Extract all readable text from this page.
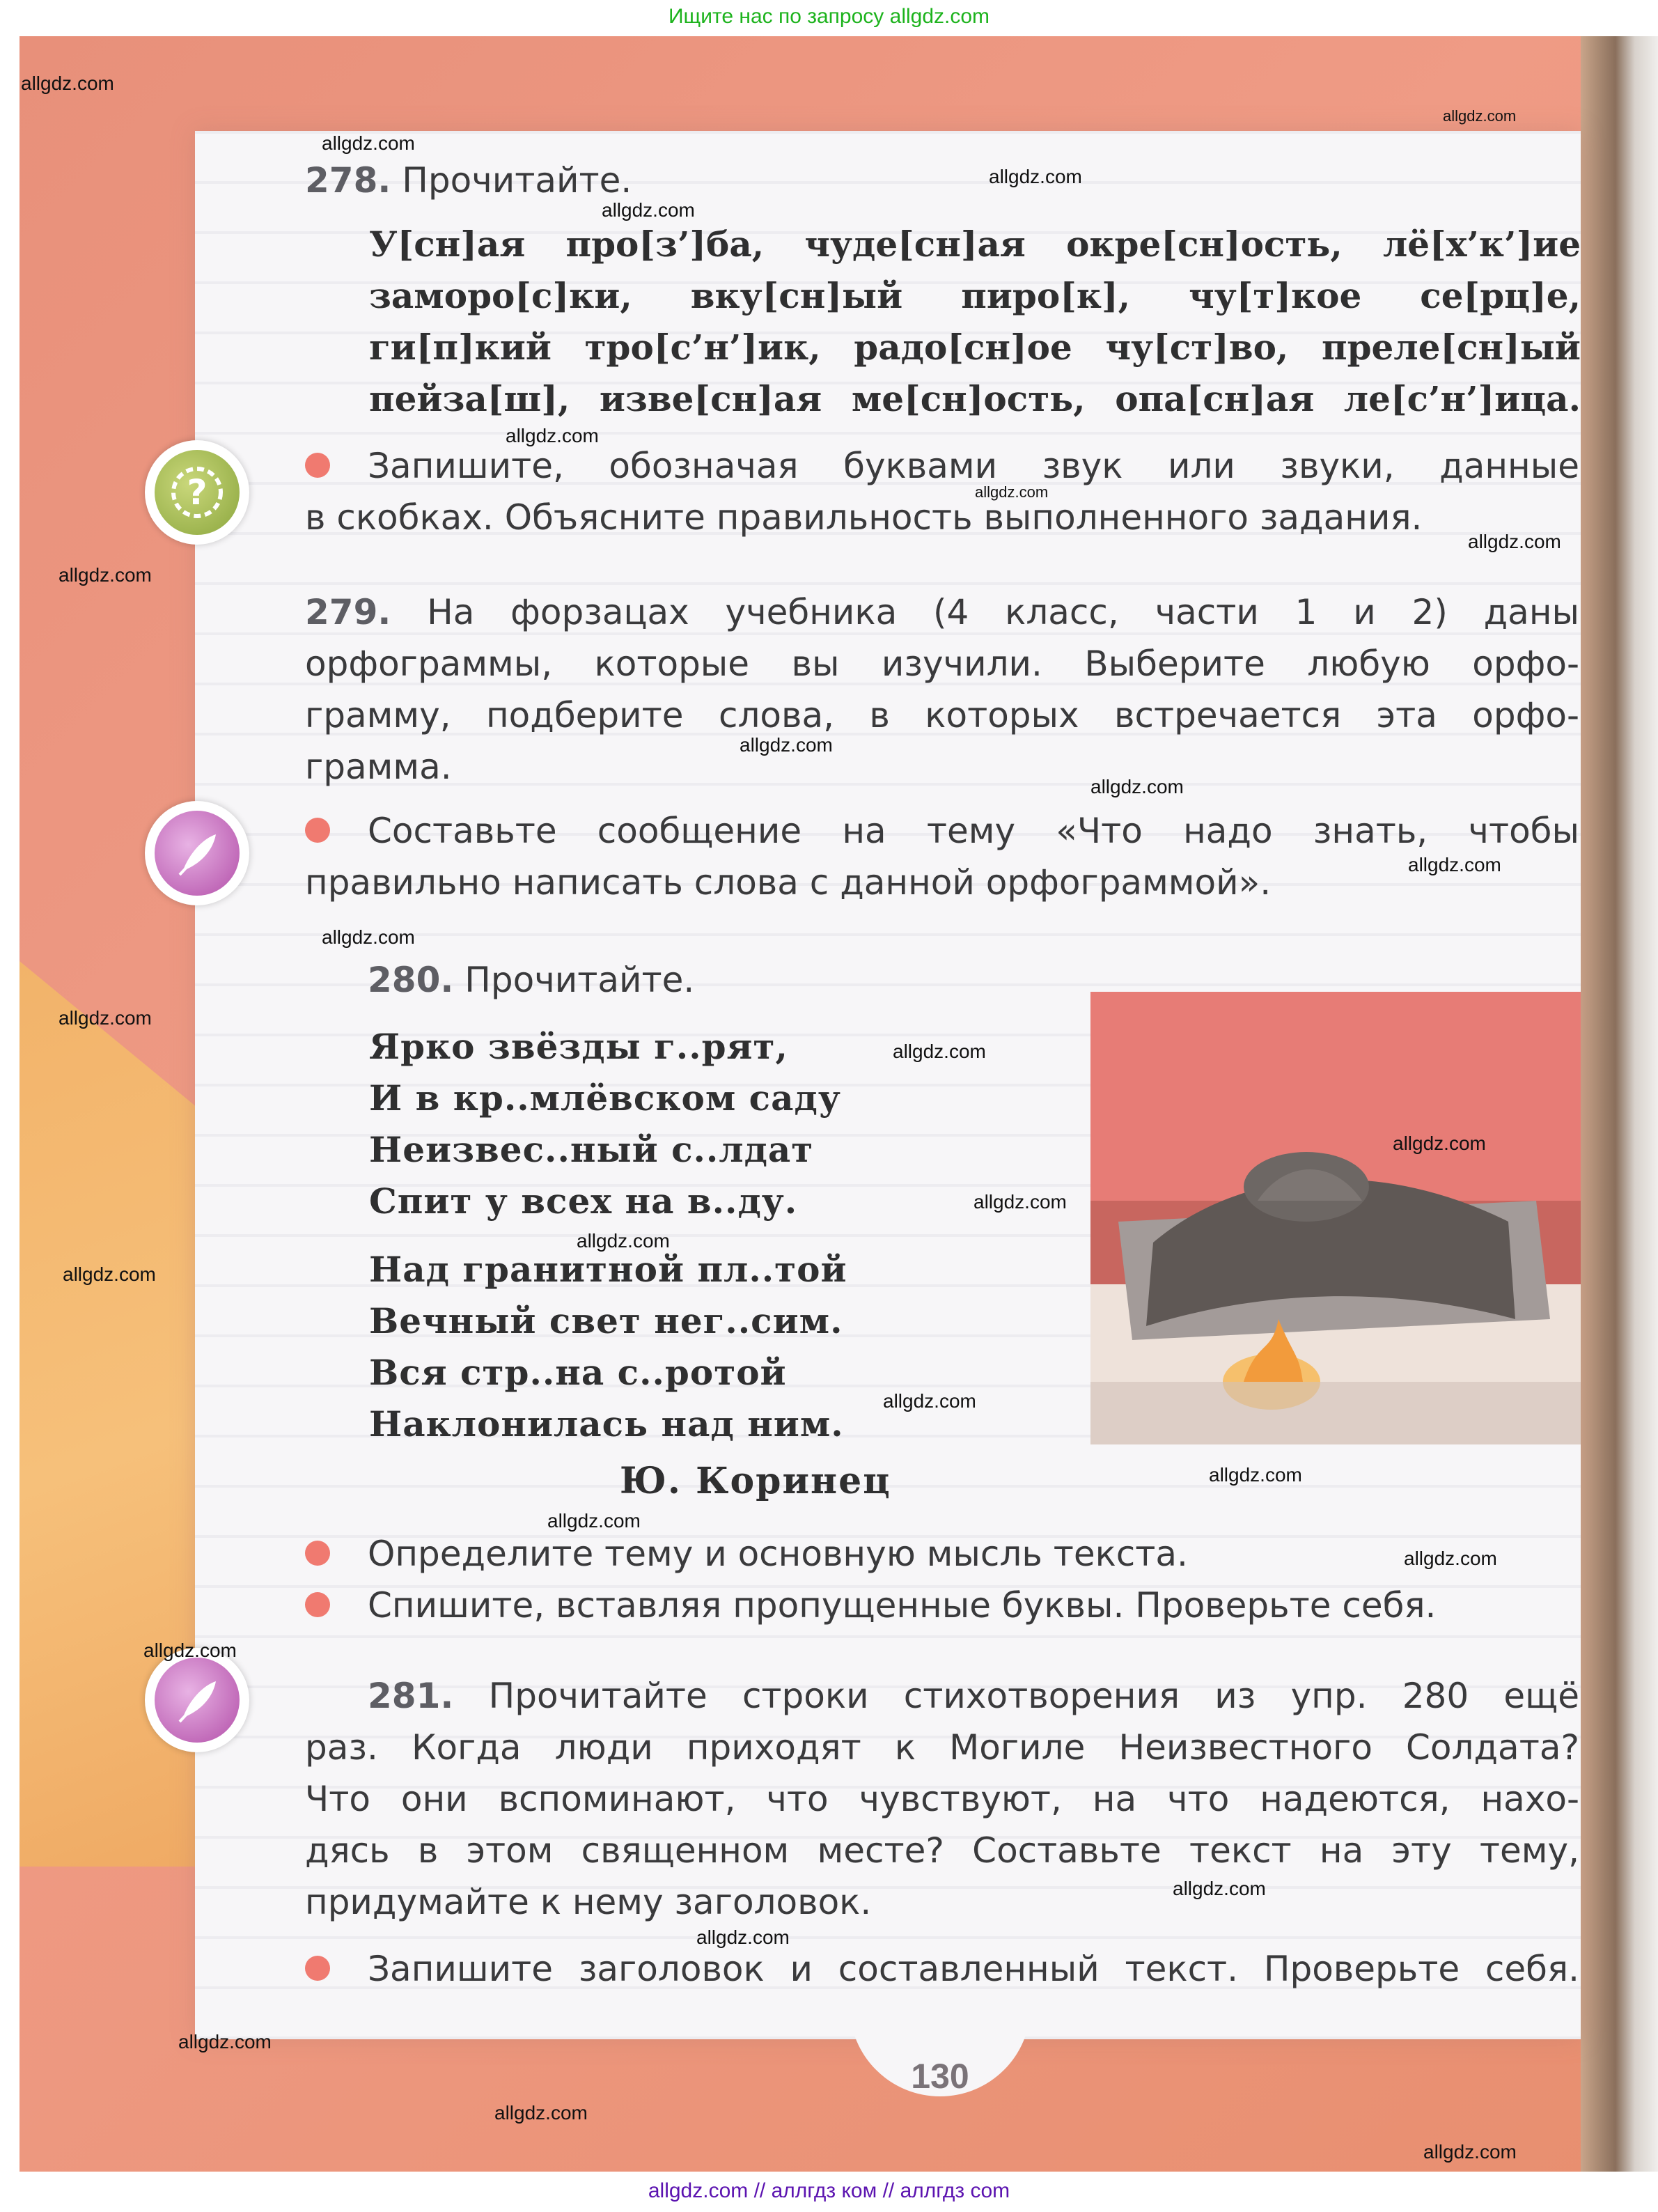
Ищите нас по запросу allgdz.com
278. Прочитайте.
У[сн]ая про[з’]ба, чуде[сн]ая окре[сн]ость, лё[х’к’]ие
заморо[с]ки, вку[сн]ый пиро[к], чу[т]кое се[рц]е,
ги[п]кий тро[с’н’]ик, радо[сн]ое чу[ст]во, преле[сн]ый
пейза[ш], изве[сн]ая ме[сн]ость, опа[сн]ая ле[с’н’]ица.
?
Запишите, обозначая буквами звук или звуки, данные
в скобках. Объясните правильность выполненного задания.
279. На форзацах учебника (4 класс, части 1 и 2) даны
орфограммы, которые вы изучили. Выберите любую орфо-
грамму, подберите слова, в которых встречается эта орфо-
грамма.
Составьте сообщение на тему «Что надо знать, чтобы
правильно написать слова с данной орфограммой».
280. Прочитайте.
Ярко звёзды г..рят,
И в кр..млёвском саду
Неизвес..ный с..лдат
Спит у всех на в..ду.
Над гранитной пл..той
Вечный свет нег..сим.
Вся стр..на с..ротой
Наклонилась над ним.
Ю. Коринец
Определите тему и основную мысль текста.
Спишите, вставляя пропущенные буквы. Проверьте себя.
281. Прочитайте строки стихотворения из упр. 280 ещё
раз. Когда люди приходят к Могиле Неизвестного Солдата?
Что они вспоминают, что чувствуют, на что надеются, нахо-
дясь в этом священном месте? Составьте текст на эту тему,
придумайте к нему заголовок.
Запишите заголовок и составленный текст. Проверьте себя.
130
allgdz.com
allgdz.com
allgdz.com
allgdz.com
allgdz.com
allgdz.com
allgdz.com
allgdz.com
allgdz.com
allgdz.com
allgdz.com
allgdz.com
allgdz.com
allgdz.com
allgdz.com
allgdz.com
allgdz.com
allgdz.com
allgdz.com
allgdz.com
allgdz.com
allgdz.com
allgdz.com
allgdz.com
allgdz.com
allgdz.com
allgdz.com
allgdz.com
allgdz.com
allgdz.com // аллгдз ком // аллгдз com
